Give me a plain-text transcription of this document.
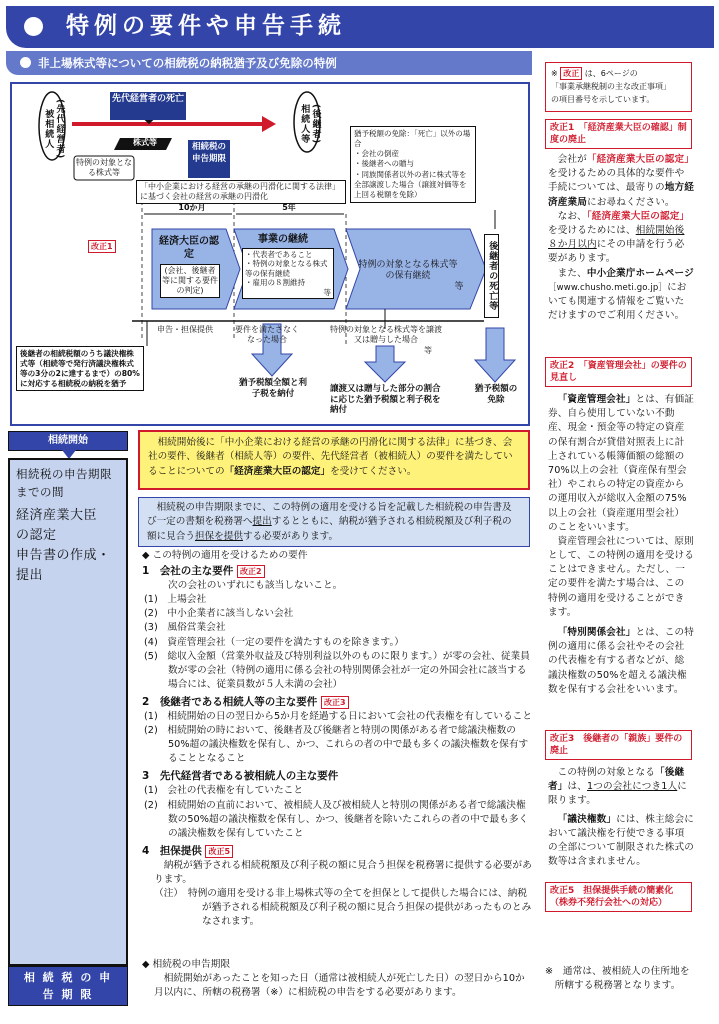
特例の要件や申告手続
非上場株式等についての相続税の納税猶予及び免除の特例
※ 改正 は、6ページの
「事業承継税制の主な改正事項」
の項目番号を示しています。
改正1　「経済産業大臣の確認」制度の廃止
会社が「経済産業大臣の認定」を受けるための具体的な要件や手続については、最寄りの地方経済産業局にお尋ねください。
なお、「経済産業大臣の認定」を受けるためには、相続開始後８か月以内にその申請を行う必要があります。
また、中小企業庁ホームページ［www.chusho.meti.go.jp］においても関連する情報をご覧いただけますのでご利用ください。
改正2　「資産管理会社」の要件の見直し
「資産管理会社」とは、有価証券、自ら使用していない不動産、現金・預金等の特定の資産の保有割合が貸借対照表上に計上されている帳簿価額の総額の70%以上の会社（資産保有型会社）やこれらの特定の資産からの運用収入が総収入金額の75%以上の会社（資産運用型会社）のことをいいます。
資産管理会社については、原則として、この特例の適用を受けることはできません。ただし、一定の要件を満たす場合は、この特例の適用を受けることができます。
「特別関係会社」とは、この特例の適用に係る会社やその会社の代表権を有する者などが、総議決権数の50%を超える議決権数を保有する会社をいいます。
改正3　後継者の「親族」要件の廃止
この特例の対象となる「後継者」は、1つの会社につき1人に限ります。
「議決権数」には、株主総会において議決権を行使できる事項の全部について制限された株式の数等は含まれません。
改正5　担保提供手続の簡素化（株券不発行会社への対応）
※　通常は、被相続人の住所地を所轄する税務署となります。
先代経営者の死亡
(先代経営者)被相続人	(後継者)相続人等
株式等
特例の対象となる株式等
相続税の申告期限
「中小企業における経営の承継の円滑化に関する法律」に基づく会社の経営の承継の円滑化
10か月	5年
改正1	経済大臣の認定
(会社、後継者等に関する要件の判定)
事業の継続
・代表者であること
・特例の対象となる株式等の保有継続
・雇用の８割維持
等
特例の対象となる株式等の保有継続
等
猶予税額の免除：「死亡」以外の場合
・会社の倒産
・後継者への贈与
・同族関係者以外の者に株式等を全部譲渡した場合（譲渡対価等を上回る税額を免除）
後継者の死亡等
申告・担保提供	要件を満たさなくなった場合
特例の対象となる株式等を譲渡又は贈与した場合
等
後継者の相続税額のうち議決権株式等（相続等で発行済議決権株式等の3分の2に達するまで）の80%に対応する相続税の納税を猶予	猶予税額全額と利子税を納付	譲渡又は贈与した部分の割合に応じた猶予税額と利子税を納付
猶予税額の免除
相続開始
相続税の申告期限
までの間
経済産業大臣
の認定
申告書の作成・
提出
相 続 税 の 申 告 期 限
相続開始後に「中小企業における経営の承継の円滑化に関する法律」に基づき、会社の要件、後継者（相続人等）の要件、先代経営者（被相続人）の要件を満たしていることについての「経済産業大臣の認定」を受けてください。
相続税の申告期限までに、この特例の適用を受ける旨を記載した相続税の申告書及び一定の書類を税務署へ提出するとともに、納税が猶予される相続税額及び利子税の額に見合う担保を提供する必要があります。
◆ この特例の適用を受けるための要件
1　 会社の主な要件 改正2
次の会社のいずれにも該当しないこと。
(1)　上場会社
(2)　中小企業者に該当しない会社
(3)　風俗営業会社
(4)　資産管理会社（一定の要件を満たすものを除きます。）
(5)　総収入金額（営業外収益及び特別利益以外のものに限ります。）が零の会社、従業員数が零の会社（特例の適用に係る会社の特別関係会社が一定の外国会社に該当する場合には、従業員数が５人未満の会社）
2　 後継者である相続人等の主な要件 改正3
(1)　相続開始の日の翌日から5か月を経過する日において会社の代表権を有していること
(2)　相続開始の時において、後継者及び後継者と特別の関係がある者で総議決権数の50%超の議決権数を保有し、かつ、これらの者の中で最も多くの議決権数を保有することとなること
3　 先代経営者である被相続人の主な要件
(1)　会社の代表権を有していたこと
(2)　相続開始の直前において、被相続人及び被相続人と特別の関係がある者で総議決権数の50%超の議決権数を保有し、かつ、後継者を除いたこれらの者の中で最も多くの議決権数を保有していたこと
4　 担保提供 改正5
納税が猶予される相続税額及び利子税の額に見合う担保を税務署に提供する必要があります。
（注）　特例の適用を受ける非上場株式等の全てを担保として提供した場合には、納税が猶予される相続税額及び利子税の額に見合う担保の提供があったものとみなされます。
◆ 相続税の申告期限
相続開始があったことを知った日（通常は被相続人が死亡した日）の翌日から10か月以内に、所轄の税務署（※）に相続税の申告をする必要があります。
